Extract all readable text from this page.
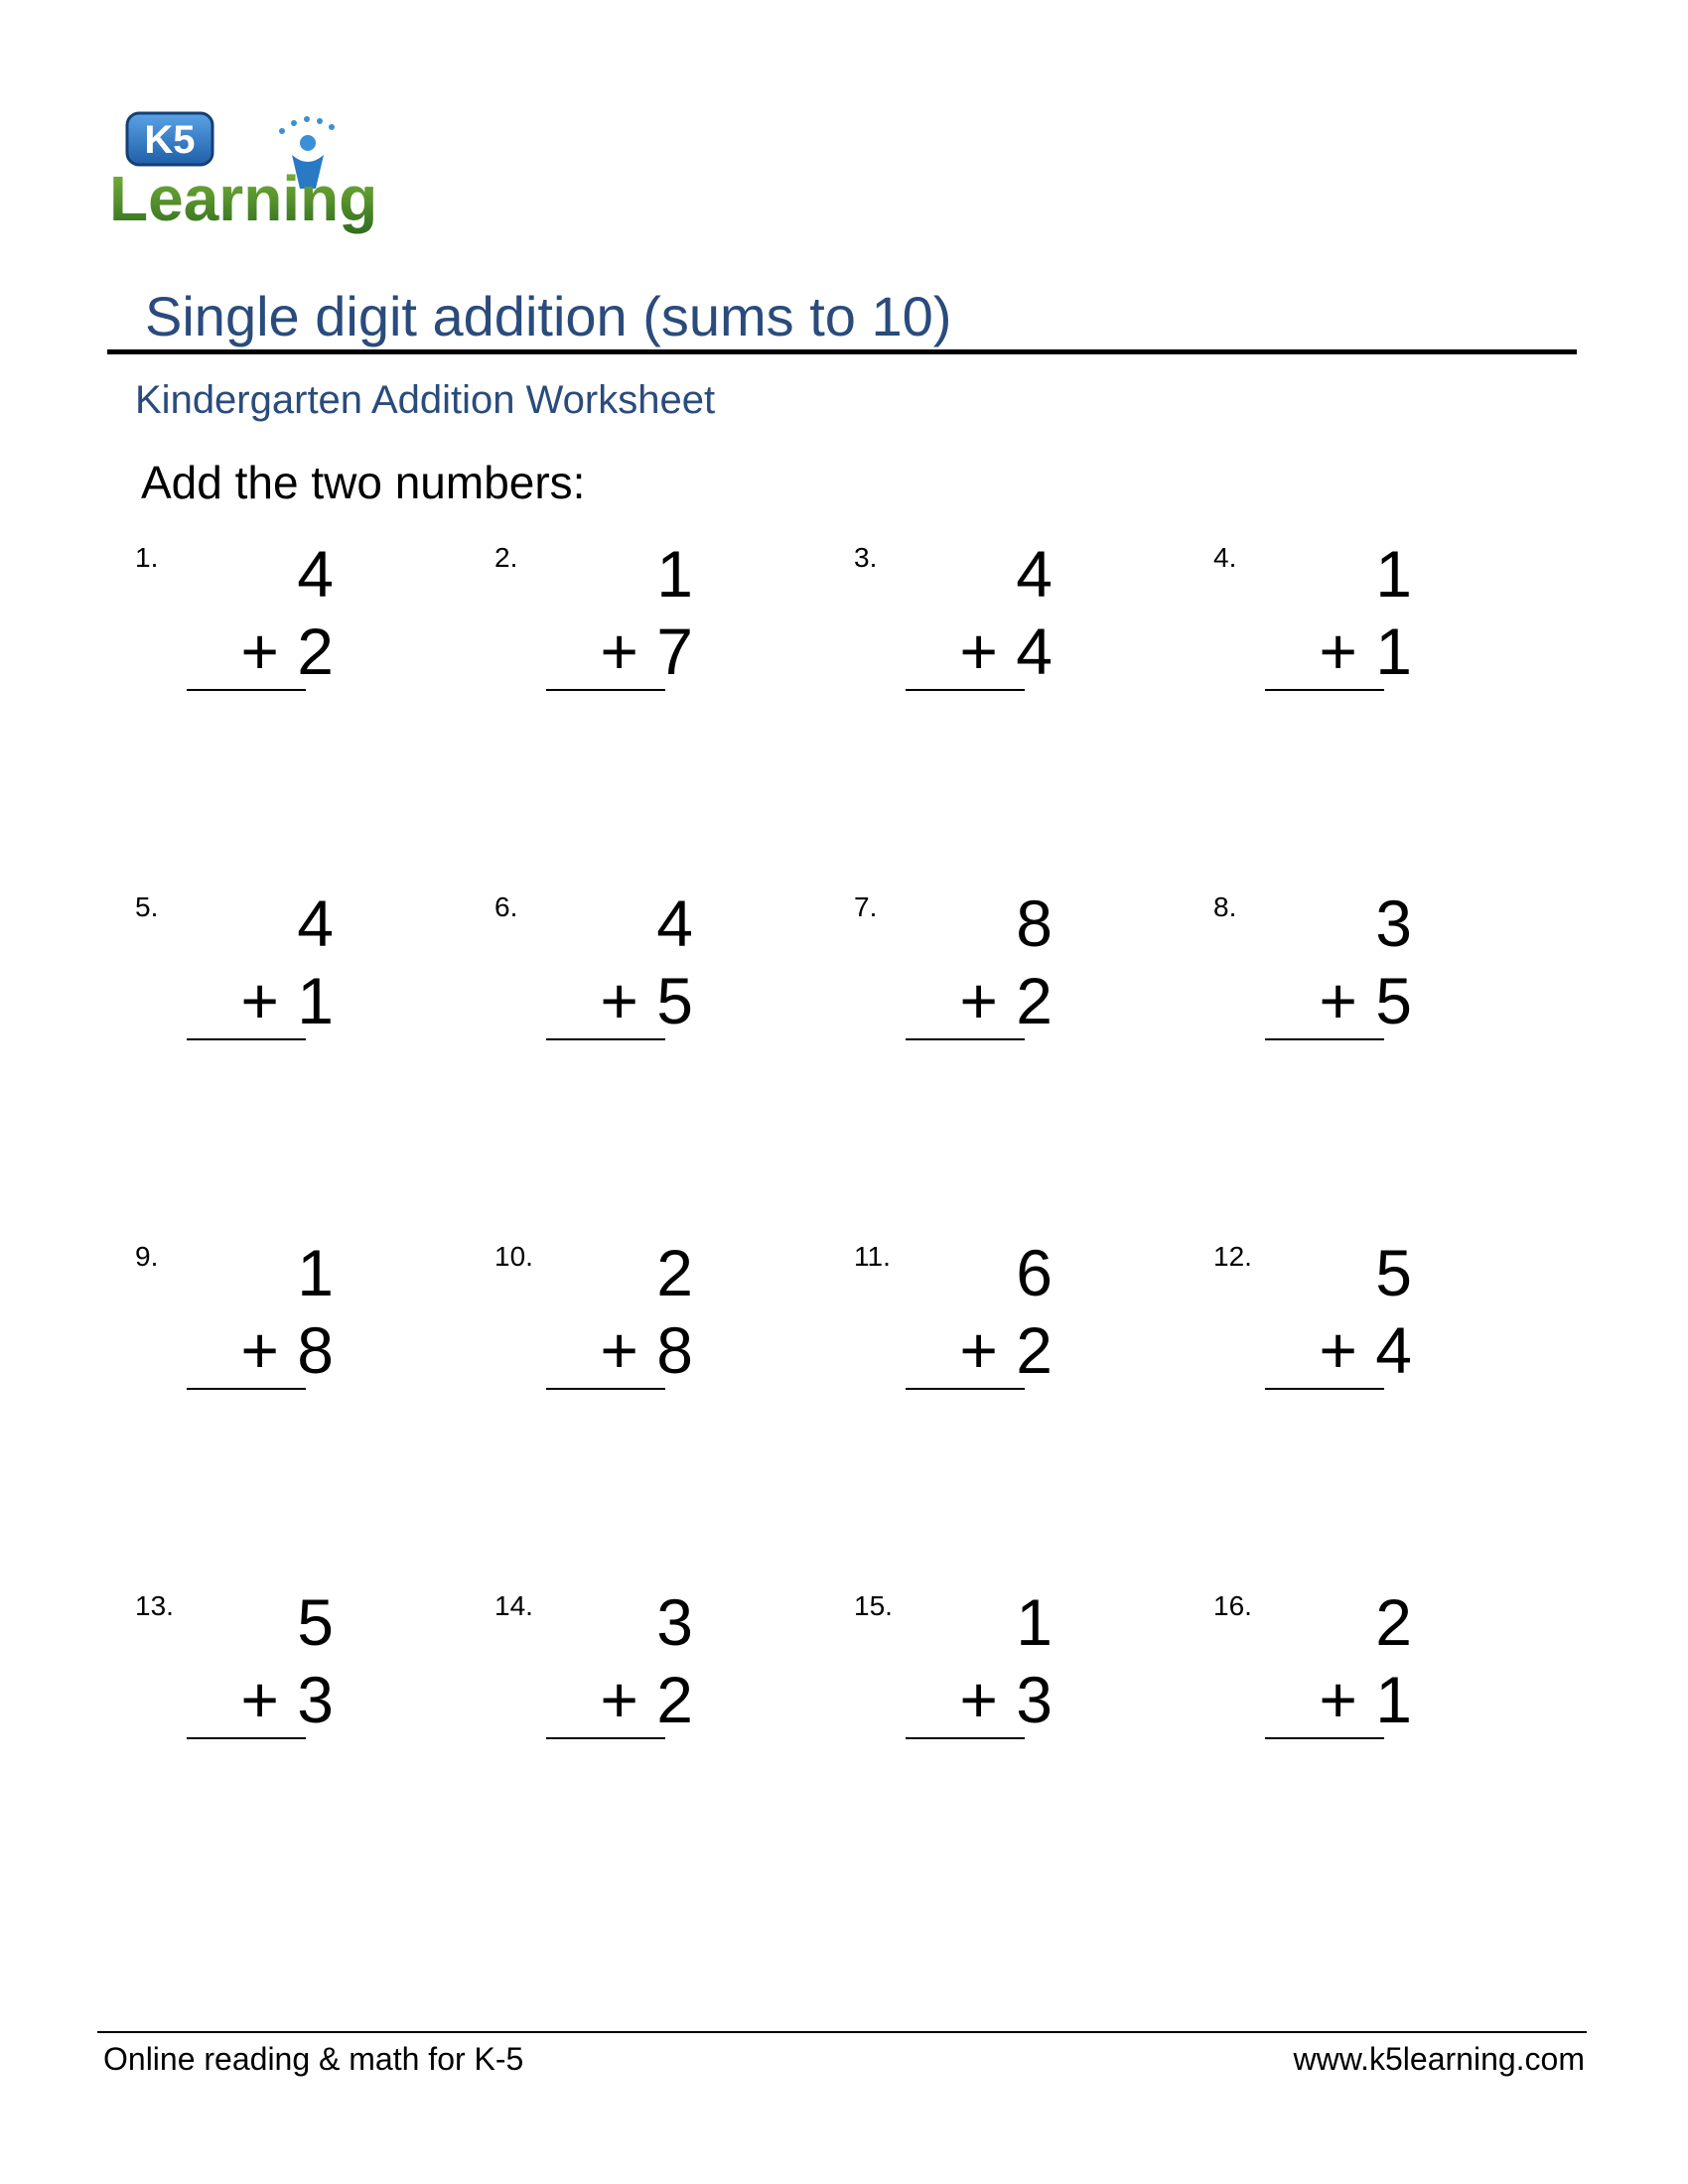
K5
Learning
Single digit addition (sums to 10)
Kindergarten Addition Worksheet
Add the two numbers:
1.	4
+ 2
2.	1
+ 7
3.	4
+ 4
4.	1
+ 1
5.	4
+ 1
6.	4
+ 5
7.	8
+ 2
8.	3
+ 5
9.	1
+ 8
10.	2
+ 8
11.	6
+ 2
12.	5
+ 4
13.	5
+ 3
14.	3
+ 2
15.	1
+ 3
16.	2
+ 1
Online reading & math for K-5	www.k5learning.com
